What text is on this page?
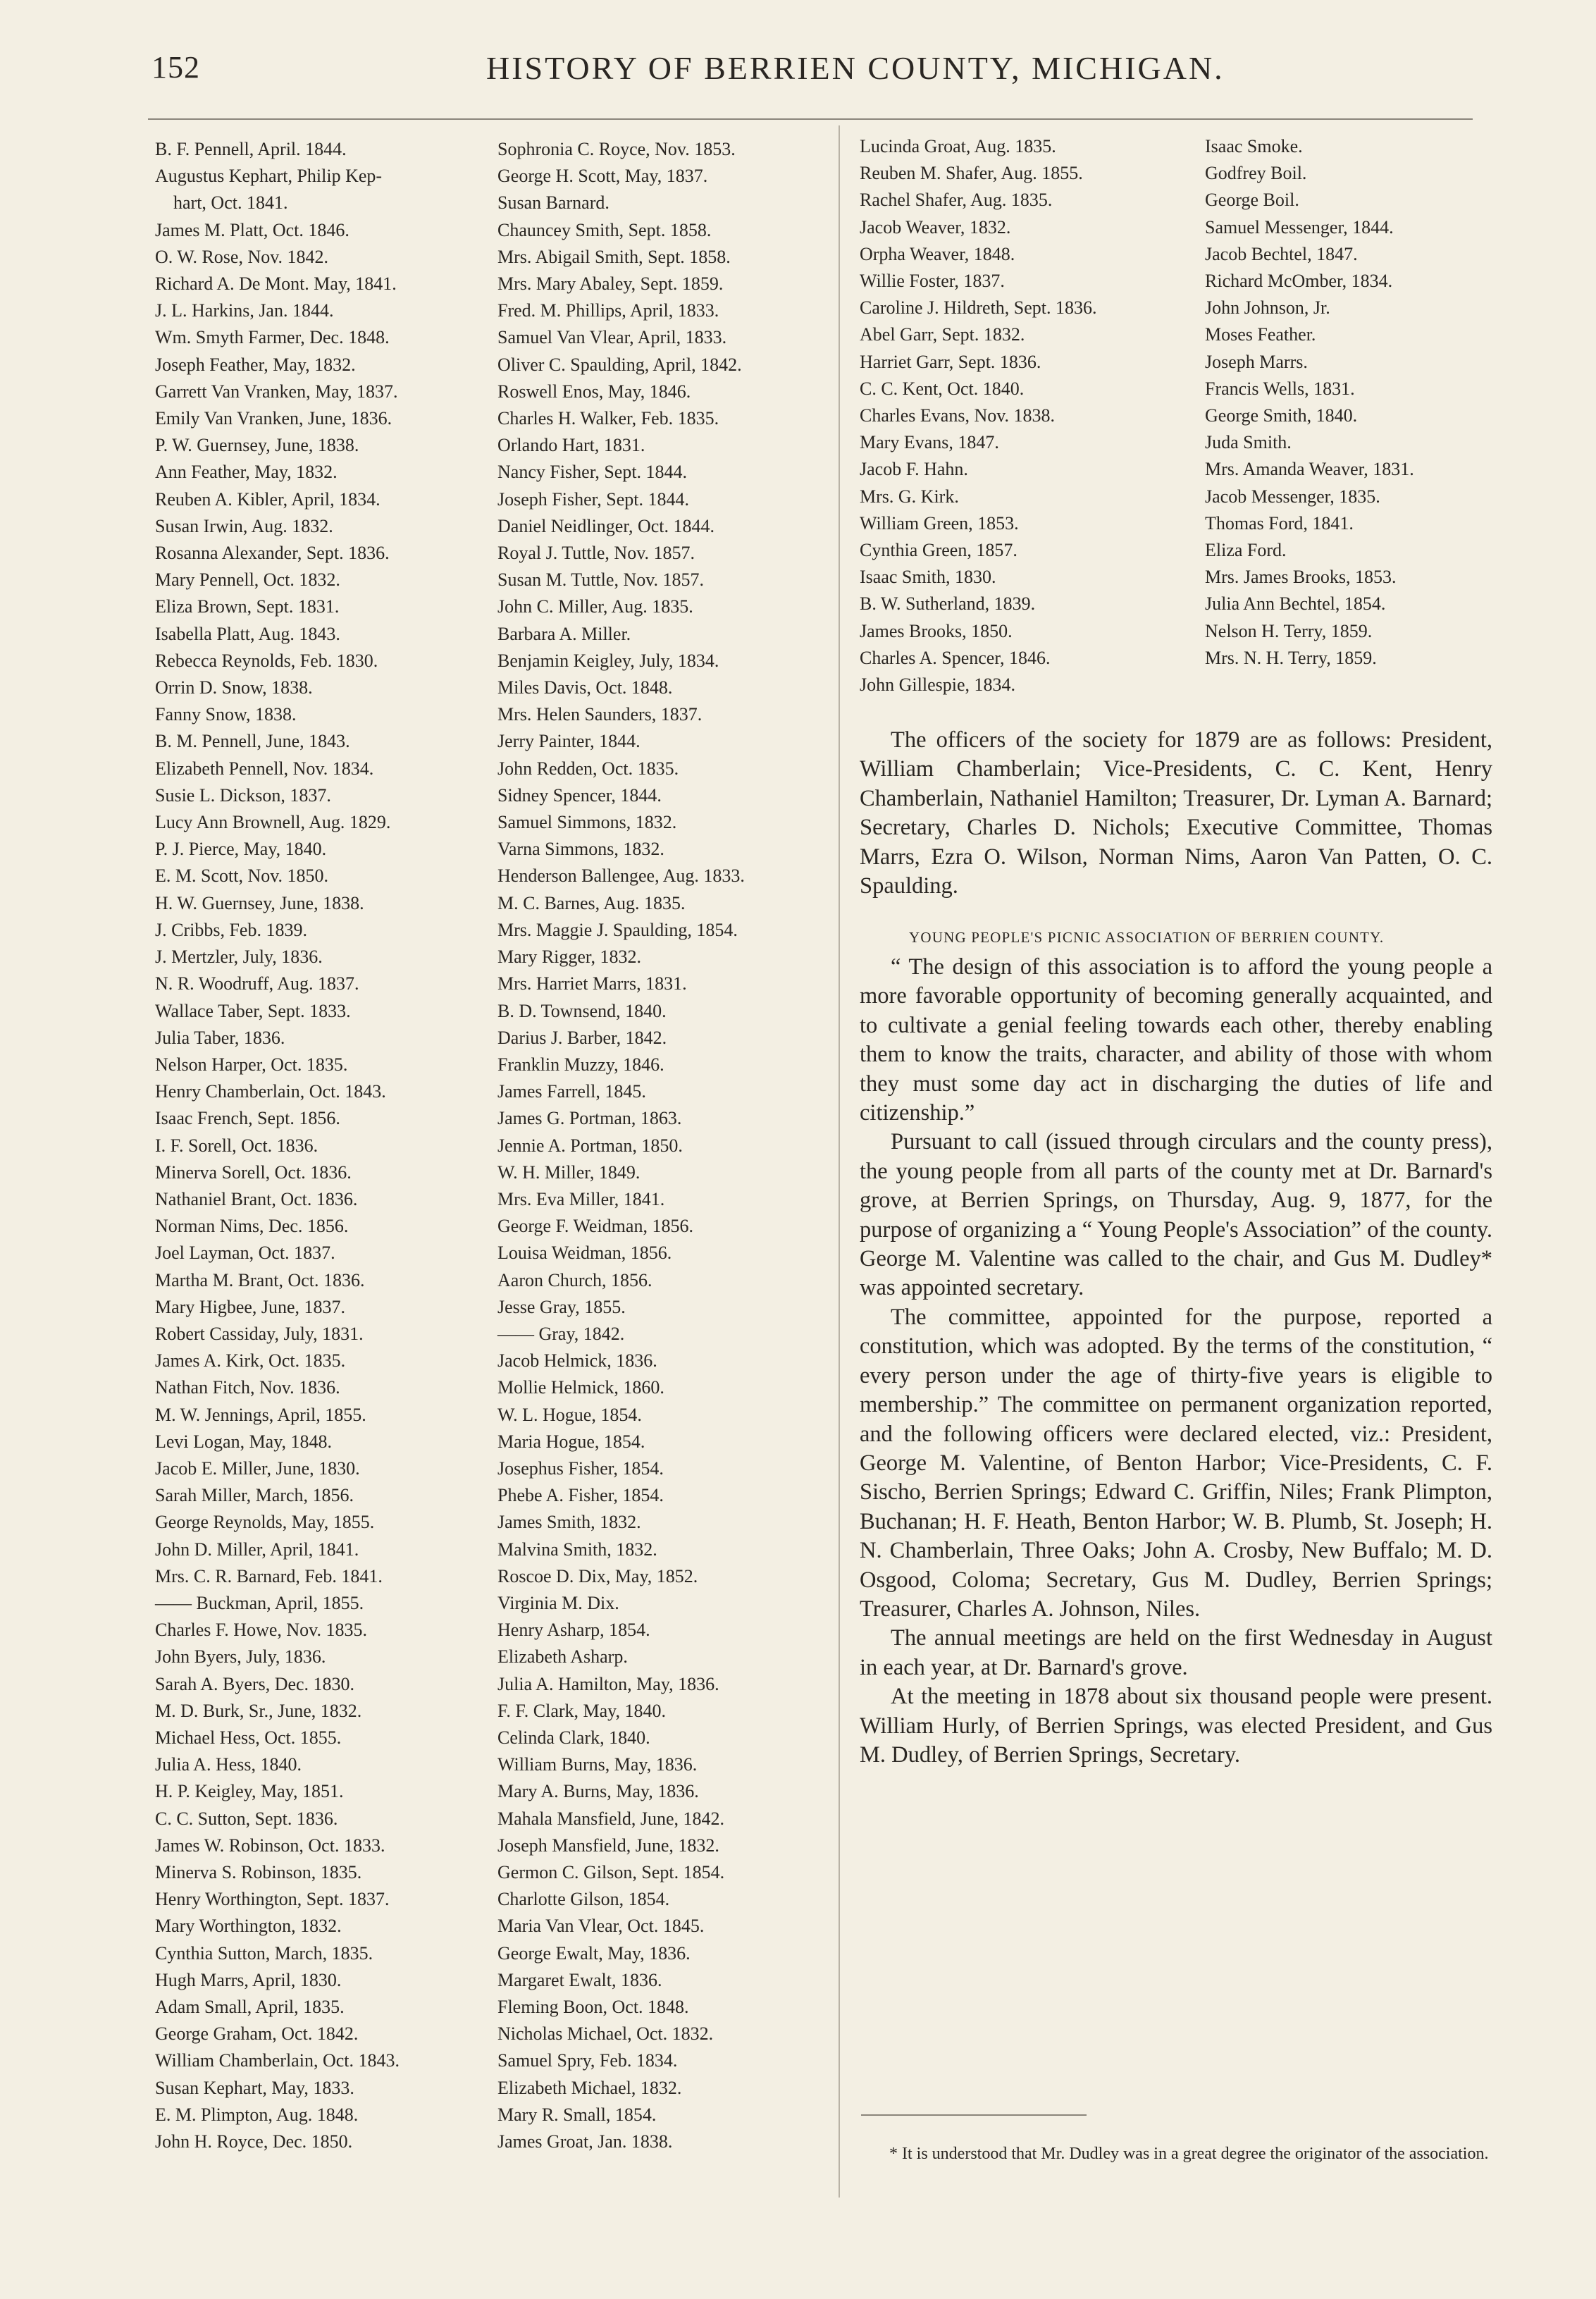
152	HISTORY OF BERRIEN COUNTY, MICHIGAN.
B. F. Pennell, April. 1844.
Augustus Kephart, Philip Kep-
hart, Oct. 1841.
James M. Platt, Oct. 1846.
O. W. Rose, Nov. 1842.
Richard A. De Mont. May, 1841.
J. L. Harkins, Jan. 1844.
Wm. Smyth Farmer, Dec. 1848.
Joseph Feather, May, 1832.
Garrett Van Vranken, May, 1837.
Emily Van Vranken, June, 1836.
P. W. Guernsey, June, 1838.
Ann Feather, May, 1832.
Reuben A. Kibler, April, 1834.
Susan Irwin, Aug. 1832.
Rosanna Alexander, Sept. 1836.
Mary Pennell, Oct. 1832.
Eliza Brown, Sept. 1831.
Isabella Platt, Aug. 1843.
Rebecca Reynolds, Feb. 1830.
Orrin D. Snow, 1838.
Fanny Snow, 1838.
B. M. Pennell, June, 1843.
Elizabeth Pennell, Nov. 1834.
Susie L. Dickson, 1837.
Lucy Ann Brownell, Aug. 1829.
P. J. Pierce, May, 1840.
E. M. Scott, Nov. 1850.
H. W. Guernsey, June, 1838.
J. Cribbs, Feb. 1839.
J. Mertzler, July, 1836.
N. R. Woodruff, Aug. 1837.
Wallace Taber, Sept. 1833.
Julia Taber, 1836.
Nelson Harper, Oct. 1835.
Henry Chamberlain, Oct. 1843.
Isaac French, Sept. 1856.
I. F. Sorell, Oct. 1836.
Minerva Sorell, Oct. 1836.
Nathaniel Brant, Oct. 1836.
Norman Nims, Dec. 1856.
Joel Layman, Oct. 1837.
Martha M. Brant, Oct. 1836.
Mary Higbee, June, 1837.
Robert Cassiday, July, 1831.
James A. Kirk, Oct. 1835.
Nathan Fitch, Nov. 1836.
M. W. Jennings, April, 1855.
Levi Logan, May, 1848.
Jacob E. Miller, June, 1830.
Sarah Miller, March, 1856.
George Reynolds, May, 1855.
John D. Miller, April, 1841.
Mrs. C. R. Barnard, Feb. 1841.
—— Buckman, April, 1855.
Charles F. Howe, Nov. 1835.
John Byers, July, 1836.
Sarah A. Byers, Dec. 1830.
M. D. Burk, Sr., June, 1832.
Michael Hess, Oct. 1855.
Julia A. Hess, 1840.
H. P. Keigley, May, 1851.
C. C. Sutton, Sept. 1836.
James W. Robinson, Oct. 1833.
Minerva S. Robinson, 1835.
Henry Worthington, Sept. 1837.
Mary Worthington, 1832.
Cynthia Sutton, March, 1835.
Hugh Marrs, April, 1830.
Adam Small, April, 1835.
George Graham, Oct. 1842.
William Chamberlain, Oct. 1843.
Susan Kephart, May, 1833.
E. M. Plimpton, Aug. 1848.
John H. Royce, Dec. 1850.
Sophronia C. Royce, Nov. 1853.
George H. Scott, May, 1837.
Susan Barnard.
Chauncey Smith, Sept. 1858.
Mrs. Abigail Smith, Sept. 1858.
Mrs. Mary Abaley, Sept. 1859.
Fred. M. Phillips, April, 1833.
Samuel Van Vlear, April, 1833.
Oliver C. Spaulding, April, 1842.
Roswell Enos, May, 1846.
Charles H. Walker, Feb. 1835.
Orlando Hart, 1831.
Nancy Fisher, Sept. 1844.
Joseph Fisher, Sept. 1844.
Daniel Neidlinger, Oct. 1844.
Royal J. Tuttle, Nov. 1857.
Susan M. Tuttle, Nov. 1857.
John C. Miller, Aug. 1835.
Barbara A. Miller.
Benjamin Keigley, July, 1834.
Miles Davis, Oct. 1848.
Mrs. Helen Saunders, 1837.
Jerry Painter, 1844.
John Redden, Oct. 1835.
Sidney Spencer, 1844.
Samuel Simmons, 1832.
Varna Simmons, 1832.
Henderson Ballengee, Aug. 1833.
M. C. Barnes, Aug. 1835.
Mrs. Maggie J. Spaulding, 1854.
Mary Rigger, 1832.
Mrs. Harriet Marrs, 1831.
B. D. Townsend, 1840.
Darius J. Barber, 1842.
Franklin Muzzy, 1846.
James Farrell, 1845.
James G. Portman, 1863.
Jennie A. Portman, 1850.
W. H. Miller, 1849.
Mrs. Eva Miller, 1841.
George F. Weidman, 1856.
Louisa Weidman, 1856.
Aaron Church, 1856.
Jesse Gray, 1855.
—— Gray, 1842.
Jacob Helmick, 1836.
Mollie Helmick, 1860.
W. L. Hogue, 1854.
Maria Hogue, 1854.
Josephus Fisher, 1854.
Phebe A. Fisher, 1854.
James Smith, 1832.
Malvina Smith, 1832.
Roscoe D. Dix, May, 1852.
Virginia M. Dix.
Henry Asharp, 1854.
Elizabeth Asharp.
Julia A. Hamilton, May, 1836.
F. F. Clark, May, 1840.
Celinda Clark, 1840.
William Burns, May, 1836.
Mary A. Burns, May, 1836.
Mahala Mansfield, June, 1842.
Joseph Mansfield, June, 1832.
Germon C. Gilson, Sept. 1854.
Charlotte Gilson, 1854.
Maria Van Vlear, Oct. 1845.
George Ewalt, May, 1836.
Margaret Ewalt, 1836.
Fleming Boon, Oct. 1848.
Nicholas Michael, Oct. 1832.
Samuel Spry, Feb. 1834.
Elizabeth Michael, 1832.
Mary R. Small, 1854.
James Groat, Jan. 1838.
Lucinda Groat, Aug. 1835.
Reuben M. Shafer, Aug. 1855.
Rachel Shafer, Aug. 1835.
Jacob Weaver, 1832.
Orpha Weaver, 1848.
Willie Foster, 1837.
Caroline J. Hildreth, Sept. 1836.
Abel Garr, Sept. 1832.
Harriet Garr, Sept. 1836.
C. C. Kent, Oct. 1840.
Charles Evans, Nov. 1838.
Mary Evans, 1847.
Jacob F. Hahn.
Mrs. G. Kirk.
William Green, 1853.
Cynthia Green, 1857.
Isaac Smith, 1830.
B. W. Sutherland, 1839.
James Brooks, 1850.
Charles A. Spencer, 1846.
John Gillespie, 1834.
Isaac Smoke.
Godfrey Boil.
George Boil.
Samuel Messenger, 1844.
Jacob Bechtel, 1847.
Richard McOmber, 1834.
John Johnson, Jr.
Moses Feather.
Joseph Marrs.
Francis Wells, 1831.
George Smith, 1840.
Juda Smith.
Mrs. Amanda Weaver, 1831.
Jacob Messenger, 1835.
Thomas Ford, 1841.
Eliza Ford.
Mrs. James Brooks, 1853.
Julia Ann Bechtel, 1854.
Nelson H. Terry, 1859.
Mrs. N. H. Terry, 1859.

The officers of the society for 1879 are as follows: President, William Chamberlain; Vice-Presidents, C. C. Kent, Henry Chamberlain, Nathaniel Hamilton; Treasurer, Dr. Lyman A. Barnard; Secretary, Charles D. Nichols; Executive Committee, Thomas Marrs, Ezra O. Wilson, Norman Nims, Aaron Van Patten, O. C. Spaulding.

YOUNG PEOPLE'S PICNIC ASSOCIATION OF BERRIEN COUNTY.

“ The design of this association is to afford the young people a more favorable opportunity of becoming generally acquainted, and to cultivate a genial feeling towards each other, thereby enabling them to know the traits, character, and ability of those with whom they must some day act in discharging the duties of life and citizenship.”

Pursuant to call (issued through circulars and the county press), the young people from all parts of the county met at Dr. Barnard's grove, at Berrien Springs, on Thursday, Aug. 9, 1877, for the purpose of organizing a “ Young People's Association” of the county. George M. Valentine was called to the chair, and Gus M. Dudley* was appointed secretary.

The committee, appointed for the purpose, reported a constitution, which was adopted. By the terms of the constitution, “ every person under the age of thirty-five years is eligible to membership.” The committee on permanent organization reported, and the following officers were declared elected, viz.: President, George M. Valentine, of Benton Harbor; Vice-Presidents, C. F. Sischo, Berrien Springs; Edward C. Griffin, Niles; Frank Plimpton, Buchanan; H. F. Heath, Benton Harbor; W. B. Plumb, St. Joseph; H. N. Chamberlain, Three Oaks; John A. Crosby, New Buffalo; M. D. Osgood, Coloma; Secretary, Gus M. Dudley, Berrien Springs; Treasurer, Charles A. Johnson, Niles.

The annual meetings are held on the first Wednesday in August in each year, at Dr. Barnard's grove.

At the meeting in 1878 about six thousand people were present. William Hurly, of Berrien Springs, was elected President, and Gus M. Dudley, of Berrien Springs, Secretary.

* It is understood that Mr. Dudley was in a great degree the originator of the association.
